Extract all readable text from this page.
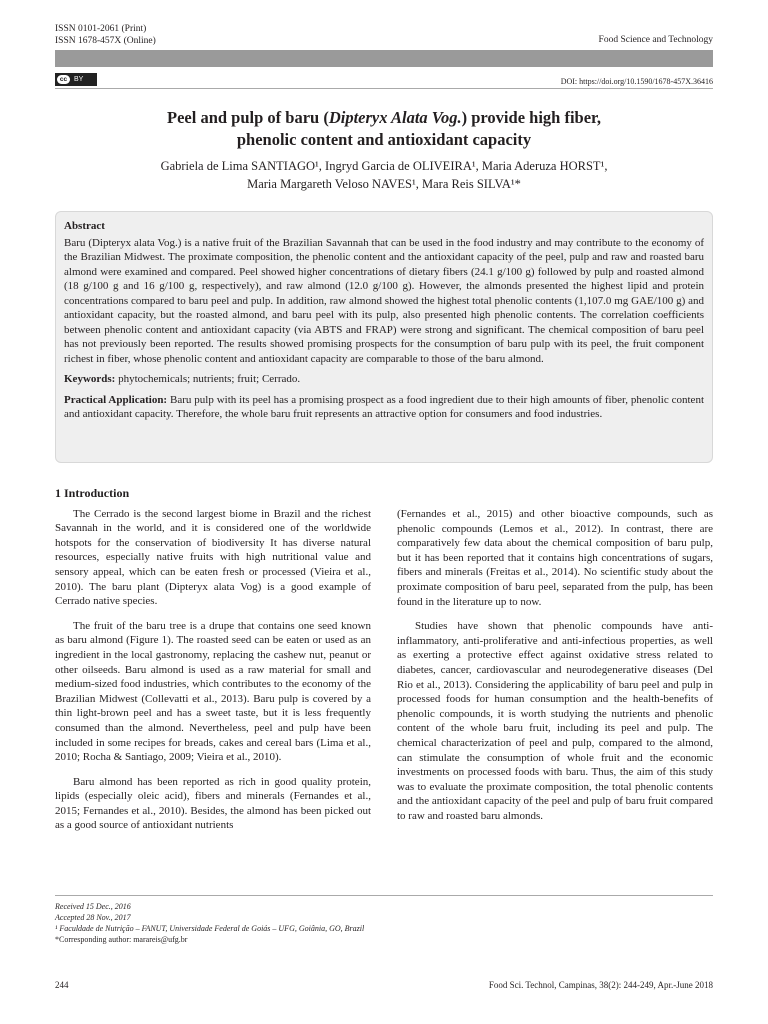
ISSN 0101-2061 (Print)
ISSN 1678-457X (Online)	Food Science and Technology
cc BY	DOI: https://doi.org/10.1590/1678-457X.36416
Peel and pulp of baru (Dipteryx Alata Vog.) provide high fiber,
phenolic content and antioxidant capacity
Gabriela de Lima SANTIAGO¹, Ingryd Garcia de OLIVEIRA¹, Maria Aderuza HORST¹,
Maria Margareth Veloso NAVES¹, Mara Reis SILVA¹*
Abstract

Baru (Dipteryx alata Vog.) is a native fruit of the Brazilian Savannah that can be used in the food industry and may contribute to the economy of the Brazilian Midwest. The proximate composition, the phenolic content and the antioxidant capacity of the peel, pulp and raw and roasted baru almond were examined and compared. Peel showed higher concentrations of dietary fibers (24.1 g/100 g) followed by pulp and roasted almond (18 g/100 g and 16 g/100 g, respectively), and raw almond (12.0 g/100 g). However, the almonds presented the highest lipid and protein concentrations compared to baru peel and pulp. In addition, raw almond showed the highest total phenolic contents (1,107.0 mg GAE/100 g) and antioxidant capacity, but the roasted almond, and baru peel with its pulp, also presented high phenolic contents. The correlation coefficients between phenolic content and antioxidant capacity (via ABTS and FRAP) were strong and significant. The chemical composition of baru peel has not previously been reported. The results showed promising prospects for the consumption of baru pulp with its peel, the fruit component richest in fiber, whose phenolic content and antioxidant capacity are comparable to those of the baru almond.

Keywords: phytochemicals; nutrients; fruit; Cerrado.

Practical Application: Baru pulp with its peel has a promising prospect as a food ingredient due to their high amounts of fiber, phenolic content and antioxidant capacity. Therefore, the whole baru fruit represents an attractive option for consumers and food industries.

1 Introduction

The Cerrado is the second largest biome in Brazil and the richest Savannah in the world, and it is considered one of the worldwide hotspots for the conservation of biodiversity It has diverse natural resources, especially native fruits with high nutritional value and sensory appeal, which can be eaten fresh or processed (Vieira et al., 2010). The baru plant (Dipteryx alata Vog) is a good example of Cerrado native species.

The fruit of the baru tree is a drupe that contains one seed known as baru almond (Figure 1). The roasted seed can be eaten or used as an ingredient in the local gastronomy, replacing the cashew nut, peanut or other oilseeds. Baru almond is used as a raw material for small and medium-sized food industries, which contributes to the economy of the Brazilian Midwest (Collevatti et al., 2013). Baru pulp is covered by a thin light-brown peel and has a sweet taste, but it is less frequently consumed than the almond. Nevertheless, peel and pulp have been included in some recipes for breads, cakes and cereal bars (Lima et al., 2010; Rocha & Santiago, 2009; Vieira et al., 2010).

Baru almond has been reported as rich in good quality protein, lipids (especially oleic acid), fibers and minerals (Fernandes et al., 2015; Fernandes et al., 2010). Besides, the almond has been picked out as a good source of antioxidant nutrients

(Fernandes et al., 2015) and other bioactive compounds, such as phenolic compounds (Lemos et al., 2012). In contrast, there are comparatively few data about the chemical composition of baru pulp, but it has been reported that it contains high concentrations of sugars, fibers and minerals (Freitas et al., 2014). No scientific study about the proximate composition of baru peel, separated from the pulp, has been found in the literature up to now.

Studies have shown that phenolic compounds have anti-inflammatory, anti-proliferative and anti-infectious properties, as well as exerting a protective effect against oxidative stress related to diabetes, cancer, cardiovascular and neurodegenerative diseases (Del Rio et al., 2013). Considering the applicability of baru peel and pulp in processed foods for human consumption and the health-benefits of phenolic compounds, it is worth studying the nutrients and phenolic content of the whole baru fruit, including its peel and pulp. The chemical characterization of peel and pulp, compared to the almond, can stimulate the consumption of whole fruit and the economic investments on processed foods with baru. Thus, the aim of this study was to evaluate the proximate composition, the total phenolic contents and the antioxidant capacity of the peel and pulp of baru fruit compared to raw and roasted baru almonds.

Received 15 Dec., 2016
Accepted 28 Nov., 2017
¹ Faculdade de Nutrição – FANUT, Universidade Federal de Goiás – UFG, Goiânia, GO, Brazil
*Corresponding author: marareis@ufg.br
244	Food Sci. Technol, Campinas, 38(2): 244-249, Apr.-June 2018
